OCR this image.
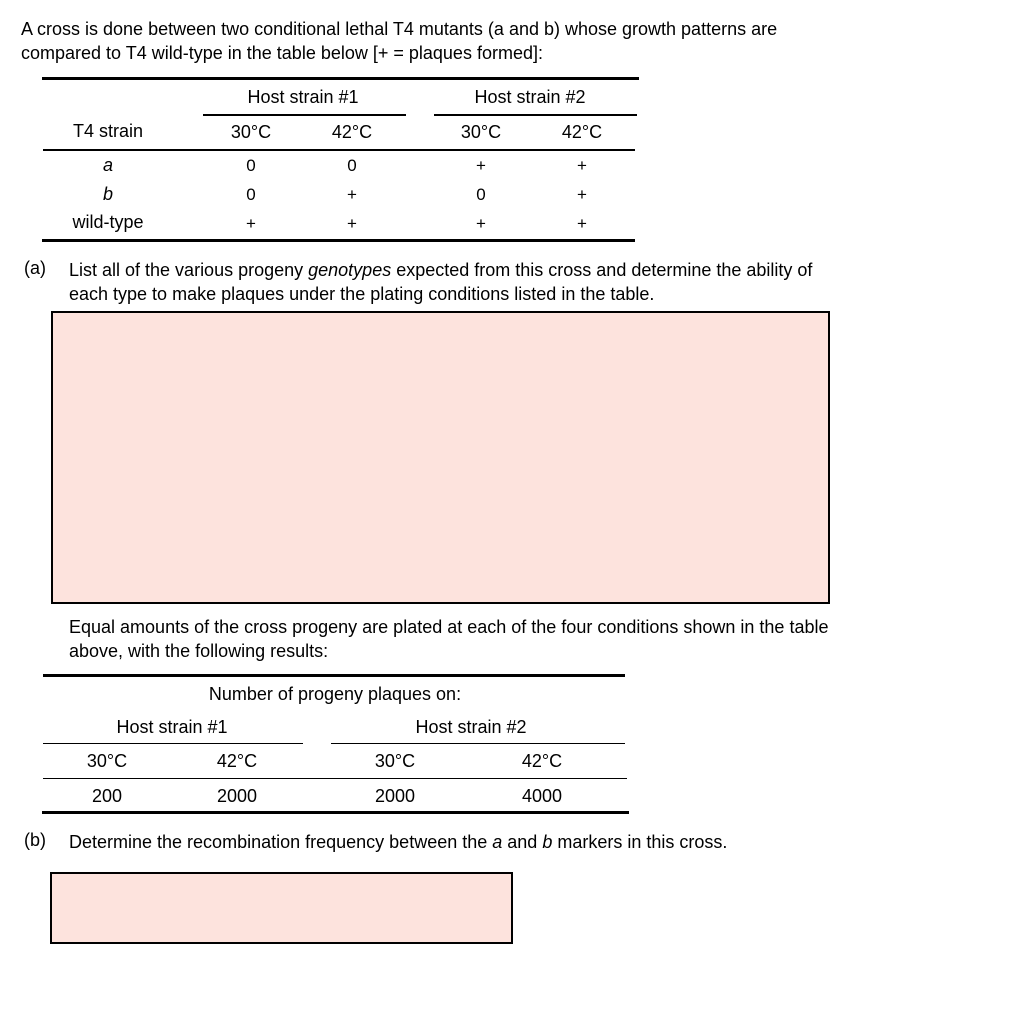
A cross is done between two conditional lethal T4 mutants (a and b) whose growth patterns are
compared to T4 wild-type in the table below [+ = plaques formed]:
Host strain #1	Host strain #2
T4 strain	30°C	42°C	30°C	42°C
a	0	0	+	+
b	0	+	0	+
wild-type	+	+	+	+
(a) List all of the various progeny genotypes expected from this cross and determine the ability of
each type to make plaques under the plating conditions listed in the table.
Equal amounts of the cross progeny are plated at each of the four conditions shown in the table
above, with the following results:
Number of progeny plaques on:
Host strain #1	Host strain #2
30°C	42°C	30°C	42°C
200	2000	2000	4000
(b) Determine the recombination frequency between the a and b markers in this cross.
